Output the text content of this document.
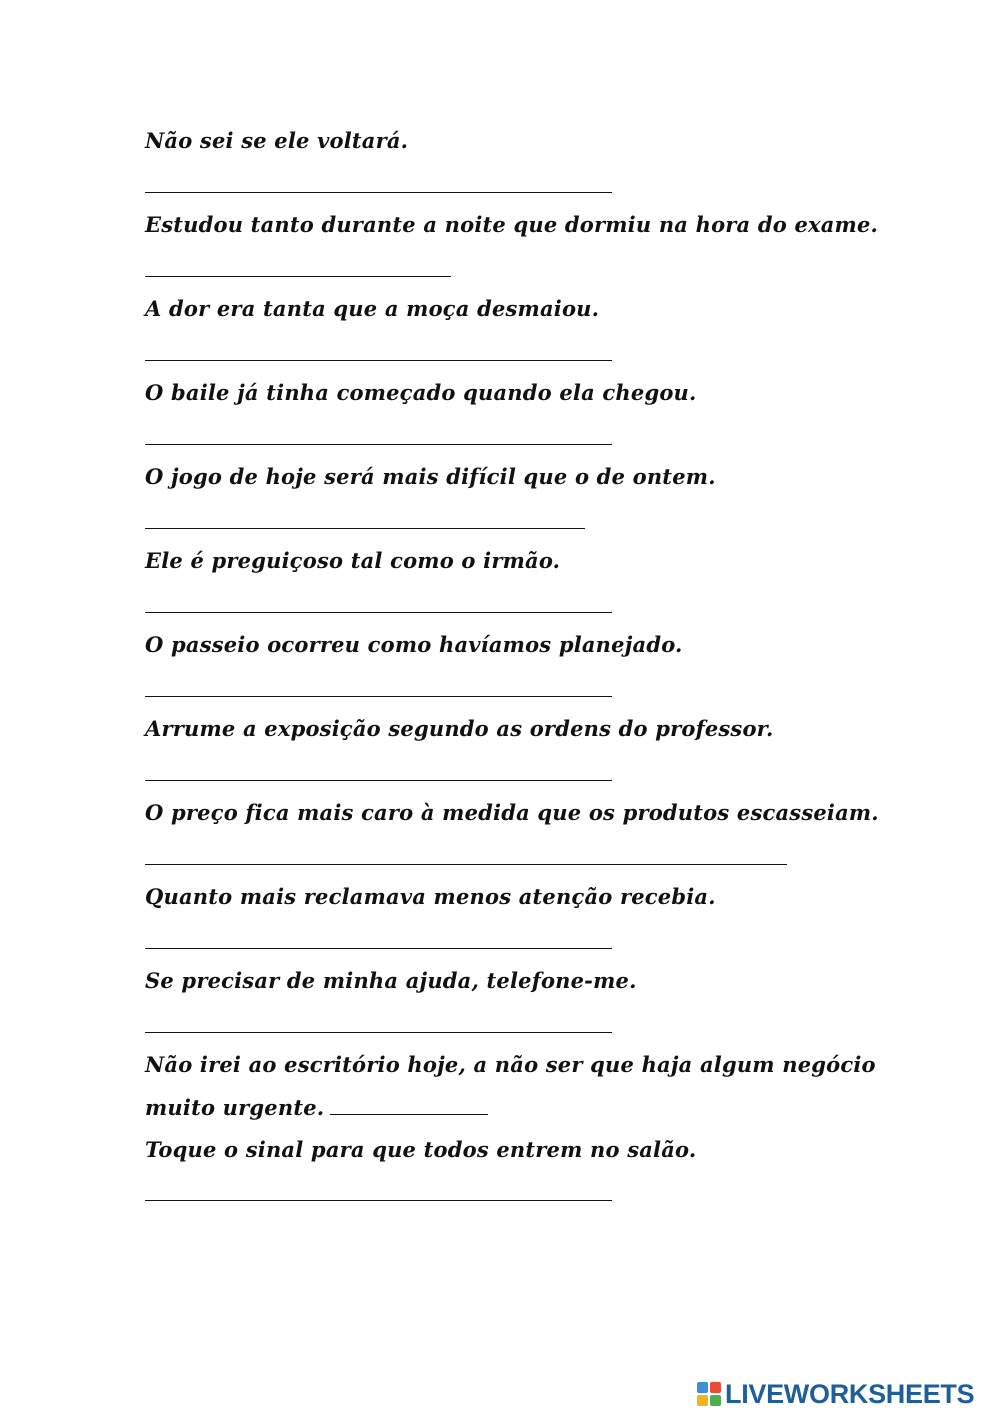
Não sei se ele voltará.

Estudou tanto durante a noite que dormiu na hora do exame.

A dor era tanta que a moça desmaiou.

O baile já tinha começado quando ela chegou.

O jogo de hoje será mais difícil que o de ontem.

Ele é preguiçoso tal como o irmão.

O passeio ocorreu como havíamos planejado.

Arrume a exposição segundo as ordens do professor.

O preço fica mais caro à medida que os produtos escasseiam.

Quanto mais reclamava menos atenção recebia.

Se precisar de minha ajuda, telefone-me.

Não irei ao escritório hoje, a não ser que haja algum negócio

muito urgente.

Toque o sinal para que todos entrem no salão.

LIVEWORKSHEETS
